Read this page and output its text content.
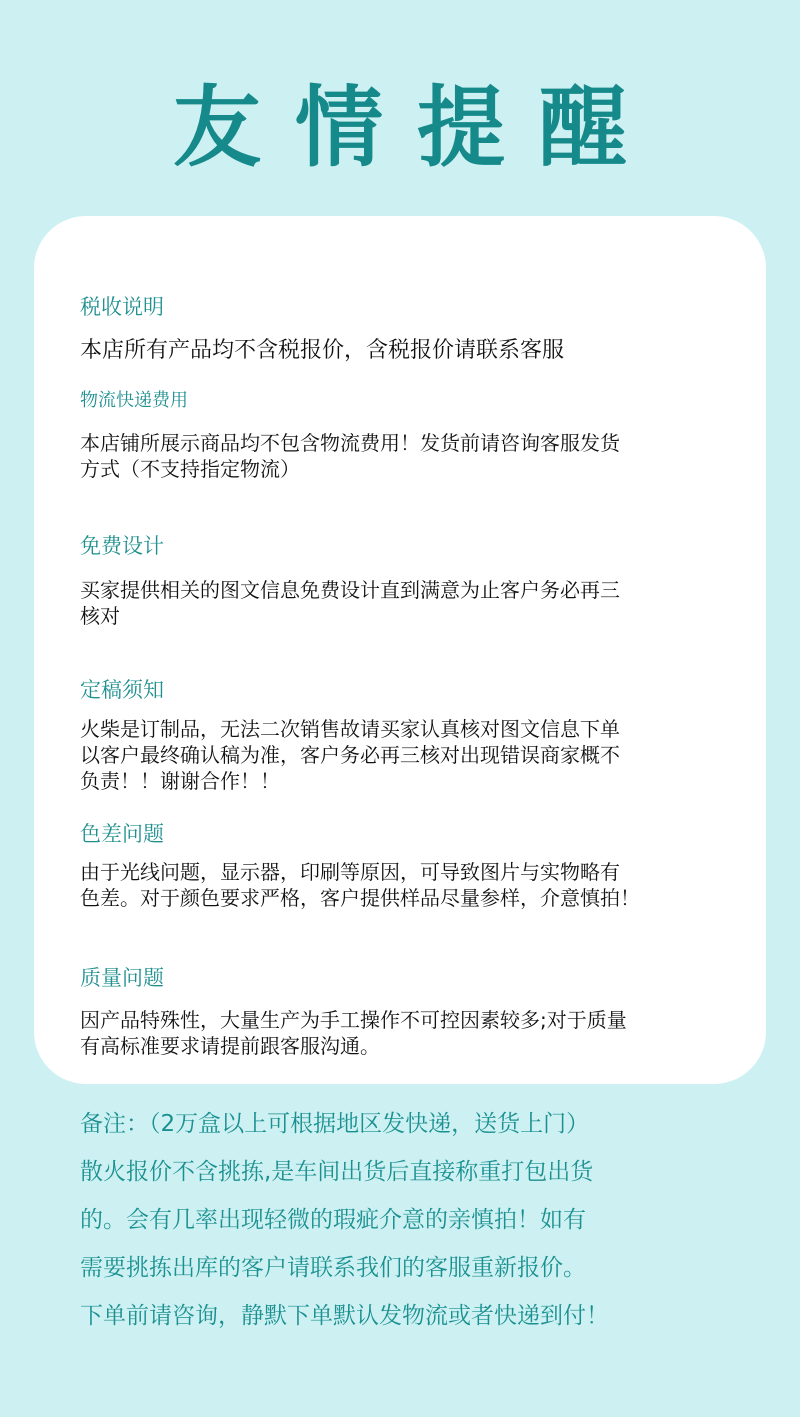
友情提醒
税收说明

本店所有产品均不含税报价，含税报价请联系客服

物流快递费用

本店铺所展示商品均不包含物流费用！发货前请咨询客服发货
方式（不支持指定物流）

免费设计

买家提供相关的图文信息免费设计直到满意为止客户务必再三
核对

定稿须知

火柴是订制品，无法二次销售故请买家认真核对图文信息下单
以客户最终确认稿为准，客户务必再三核对出现错误商家概不
负责！！谢谢合作！！

色差问题

由于光线问题，显示器，印刷等原因，可导致图片与实物略有
色差。对于颜色要求严格，客户提供样品尽量参样，介意慎拍！

质量问题

因产品特殊性，大量生产为手工操作不可控因素较多;对于质量
有高标准要求请提前跟客服沟通。

备注：（2万盒以上可根据地区发快递，送货上门）
散火报价不含挑拣,是车间出货后直接称重打包出货
的。会有几率出现轻微的瑕疵介意的亲慎拍！如有
需要挑拣出库的客户请联系我们的客服重新报价。
下单前请咨询，静默下单默认发物流或者快递到付！
